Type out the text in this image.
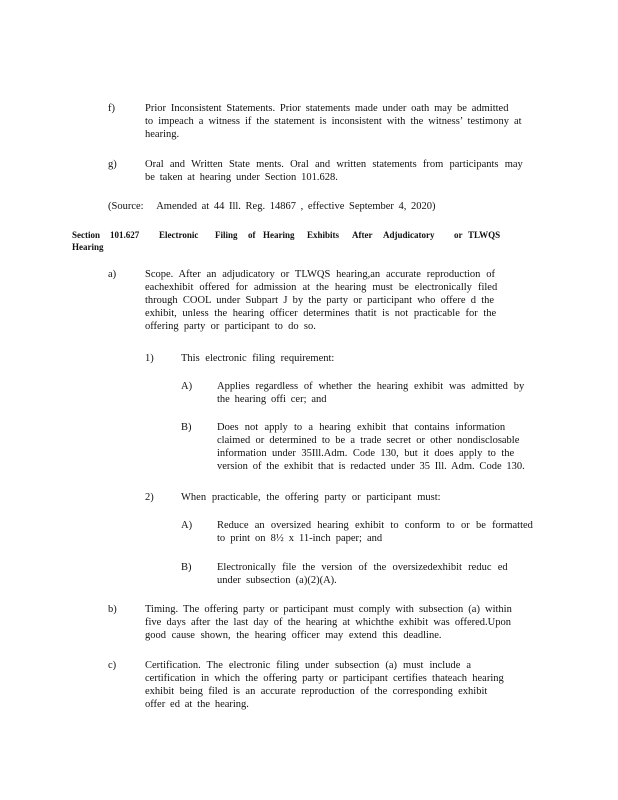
f)	Prior Inconsistent Statements. Prior statements made under oath may be admitted
to impeach a witness if the statement is inconsistent with the witness’ testimony at
hearing.
g)	Oral and Written State ments. Oral and written statements from participants may
be taken at hearing under Section 101.628.
(Source: Amended at 44 Ill. Reg. 14867 , effective September 4, 2020)
Section 101.627 Electronic Filing of Hearing Exhibits After Adjudicatory or TLWQS
Hearing
a)	Scope. After an adjudicatory or TLWQS hearing,an accurate reproduction of
eachexhibit offered for admission at the hearing must be electronically filed
through COOL under Subpart J by the party or participant who offere d the
exhibit, unless the hearing officer determines thatit is not practicable for the
offering party or participant to do so.
1)	This electronic filing requirement:
A) Applies regardless of whether the hearing exhibit was admitted by
the hearing offi cer; and
B) Does not apply to a hearing exhibit that contains information
claimed or determined to be a trade secret or other nondisclosable
information under 35Ill.Adm. Code 130, but it does apply to the
version of the exhibit that is redacted under 35 Ill. Adm. Code 130.
2)	When practicable, the offering party or participant must:
A) Reduce an oversized hearing exhibit to conform to or be formatted
to print on 8½ x 11-inch paper; and
B) Electronically file the version of the oversizedexhibit reduc ed
under subsection (a)(2)(A).
b)	Timing. The offering party or participant must comply with subsection (a) within
five days after the last day of the hearing at whichthe exhibit was offered.Upon
good cause shown, the hearing officer may extend this deadline.
c)	Certification. The electronic filing under subsection (a) must include a
certification in which the offering party or participant certifies thateach hearing
exhibit being filed is an accurate reproduction of the corresponding exhibit
offer ed at the hearing.
